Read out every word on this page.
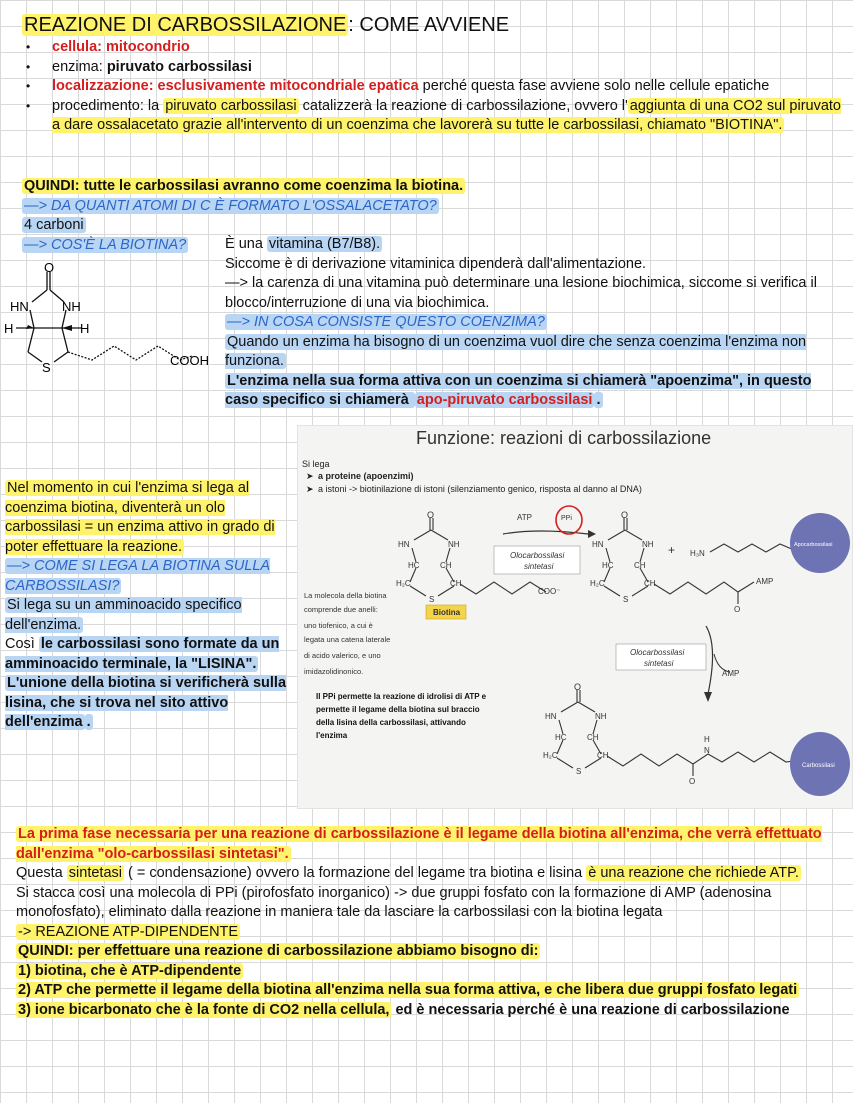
REAZIONE DI CARBOSSILAZIONE : COME AVVIENE
• cellula: mitocondrio
• enzima: piruvato carbossilasi
• localizzazione: esclusivamente mitocondriale epatica perché questa fase avviene solo nelle cellule epatiche
• procedimento: la piruvato carbossilasi catalizzerà la reazione di carbossilazione, ovvero l' aggiunta di una CO2 sul piruvato a dare ossalacetato grazie all'intervento di un coenzima che lavorerà su tutte le carbossilasi, chiamato "BIOTINA".
QUINDI: tutte le carbossilasi avranno come coenzima la biotina.
—> DA QUANTI ATOMI DI C È FORMATO L'OSSALACETATO?
4 carboni
—> COS'È LA BIOTINA?
O
HN	NH
H	H
S	COOH
È una vitamina (B7/B8).
Siccome è di derivazione vitaminica dipenderà dall'alimentazione.
—> la carenza di una vitamina può determinare una lesione biochimica, siccome si verifica il blocco/interruzione di una via biochimica.
—> IN COSA CONSISTE QUESTO COENZIMA?
Quando un enzima ha bisogno di un coenzima vuol dire che senza coenzima l'enzima non funziona.
L'enzima nella sua forma attiva con un coenzima si chiamerà "apoenzima", in questo caso specifico si chiamerà apo-piruvato carbossilasi .
Nel momento in cui l'enzima si lega al coenzima biotina, diventerà un olo carbossilasi = un enzima attivo in grado di poter effettuare la reazione.
—> COME SI LEGA LA BIOTINA SULLA CARBOSSILASI?
Si lega su un amminoacido specifico dell'enzima.
Così le carbossilasi sono formate da un amminoacido terminale, la "LISINA".
L'unione della biotina si verificherà sulla lisina, che si trova nel sito attivo dell'enzima .
Funzione: reazioni di carbossilazione
Si lega
➤ a proteine (apoenzimi)
➤ a istoni -> biotinilazione di istoni (silenziamento genico, risposta al danno al DNA)
O
HN	NH
HC	CH
H₂C	CH
S
COO⁻
La molecola della biotina
comprende due anelli:
uno tiofenico, a cui è
legata una catena laterale
di acido valerico, e uno
imidazolidinonico.
Biotina
ATP	PPi
Olocarbossilasi
sintetasi
O
HN	NH
HC	CH
H₂C	CH
S
O
AMP
+ H₃N
Apocarbossilasi
Olocarbossilasi
sintetasi
AMP
Il PPi permette la reazione di idrolisi di ATP e
permette il legame della biotina sul braccio
della lisina della carbossilasi, attivando
l'enzima
O
HN	NH
HC	CH
H₂C	CH
S
O
H
N
Carbossilasi
La prima fase necessaria per una reazione di carbossilazione è il legame della biotina all'enzima, che verrà effettuato dall'enzima "olo-carbossilasi sintetasi".
Questa sintetasi ( = condensazione) ovvero la formazione del legame tra biotina e lisina è una reazione che richiede ATP.
Si stacca così una molecola di PPi (pirofosfato inorganico) -> due gruppi fosfato con la formazione di AMP (adenosina monofosfato), eliminato dalla reazione in maniera tale da lasciare la carbossilasi con la biotina legata
-> REAZIONE ATP-DIPENDENTE
QUINDI: per effettuare una reazione di carbossilazione abbiamo bisogno di:
1) biotina, che è ATP-dipendente
2) ATP che permette il legame della biotina all'enzima nella sua forma attiva, e che libera due gruppi fosfato legati
3) ione bicarbonato che è la fonte di CO2 nella cellula, ed è necessaria perché è una reazione di carbossilazione
